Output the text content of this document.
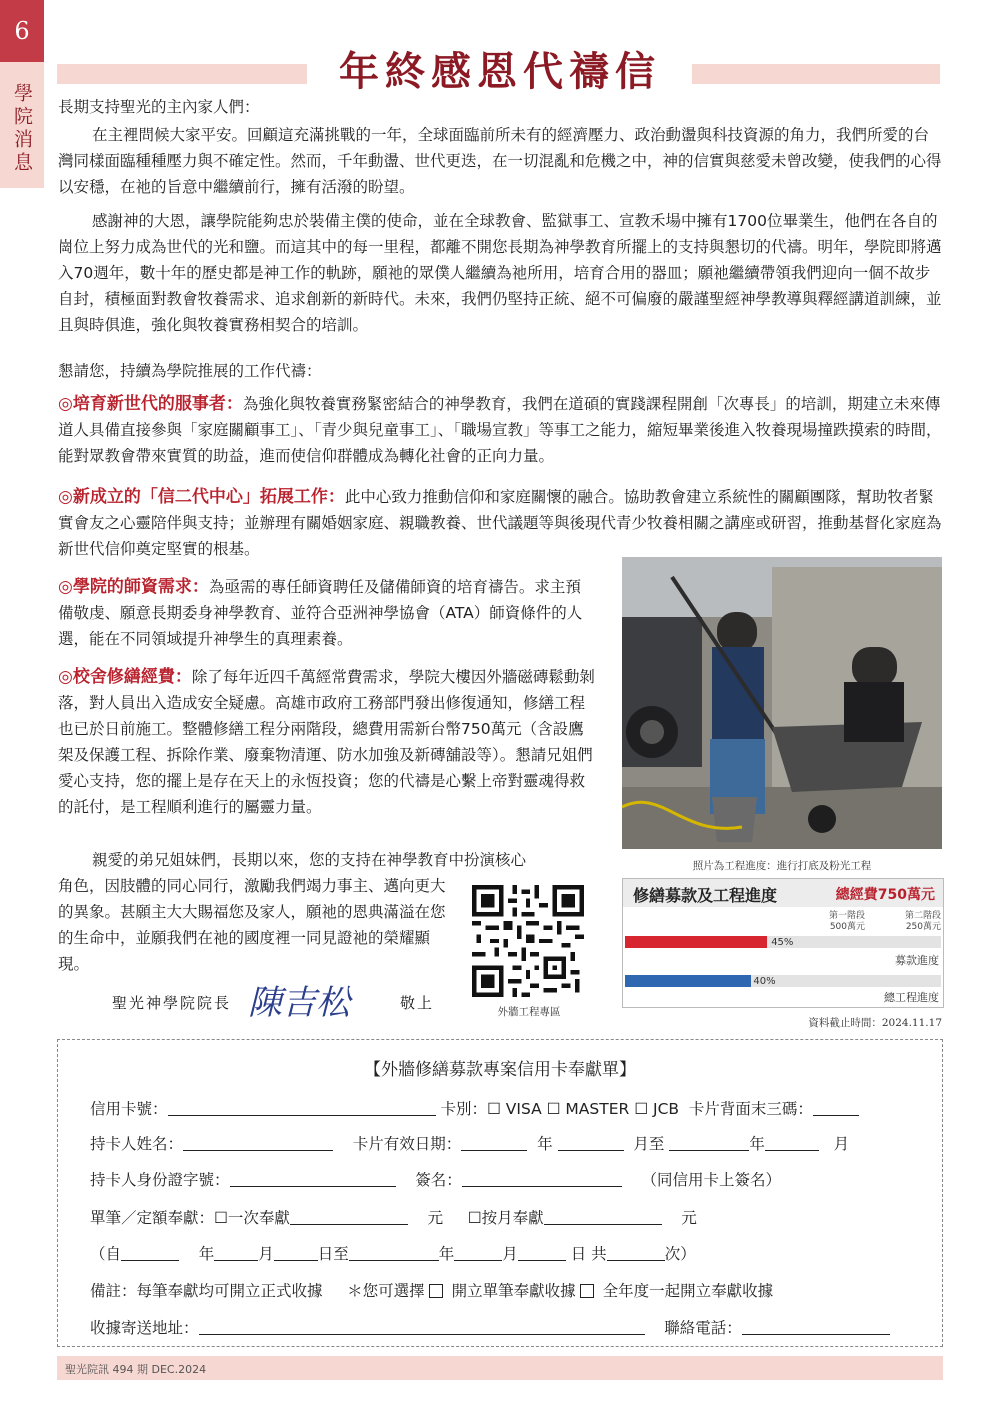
6
學院消息
年終感恩代禱信
長期支持聖光的主內家人們：
在主裡問候大家平安。回顧這充滿挑戰的一年，全球面臨前所未有的經濟壓力、政治動盪與科技資源的角力，我們所愛的台灣同樣面臨種種壓力與不確定性。然而，千年動盪、世代更迭，在一切混亂和危機之中，神的信實與慈愛未曾改變，使我們的心得以安穩，在祂的旨意中繼續前行，擁有活潑的盼望。
感謝神的大恩，讓學院能夠忠於裝備主僕的使命，並在全球教會、監獄事工、宣教禾場中擁有1700位畢業生，他們在各自的崗位上努力成為世代的光和鹽。而這其中的每一里程，都離不開您長期為神學教育所擺上的支持與懇切的代禱。明年，學院即將邁入70週年，數十年的歷史都是神工作的軌跡，願祂的眾僕人繼續為祂所用，培育合用的器皿；願祂繼續帶領我們迎向一個不故步自封，積極面對教會牧養需求、追求創新的新時代。未來，我們仍堅持正統、絕不可偏廢的嚴謹聖經神學教導與釋經講道訓練，並且與時俱進，強化與牧養實務相契合的培訓。
懇請您，持續為學院推展的工作代禱：
◎培育新世代的服事者：為強化與牧養實務緊密結合的神學教育，我們在道碩的實踐課程開創「次專長」的培訓，期建立未來傳道人具備直接參與「家庭關顧事工」、「青少與兒童事工」、「職場宣教」等事工之能力，縮短畢業後進入牧養現場撞跌摸索的時間，能對眾教會帶來實質的助益，進而使信仰群體成為轉化社會的正向力量。
◎新成立的「信二代中心」拓展工作：此中心致力推動信仰和家庭關懷的融合。協助教會建立系統性的關顧團隊，幫助牧者緊實會友之心靈陪伴與支持；並辦理有關婚姻家庭、親職教養、世代議題等與後現代青少牧養相關之講座或研習，推動基督化家庭為新世代信仰奠定堅實的根基。
◎學院的師資需求：為亟需的專任師資聘任及儲備師資的培育禱告。求主預備敬虔、願意長期委身神學教育、並符合亞洲神學協會（ATA）師資條件的人選，能在不同領域提升神學生的真理素養。
◎校舍修繕經費：除了每年近四千萬經常費需求，學院大樓因外牆磁磚鬆動剝落，對人員出入造成安全疑慮。高雄市政府工務部門發出修復通知，修繕工程也已於日前施工。整體修繕工程分兩階段，總費用需新台幣750萬元（含設鷹架及保護工程、拆除作業、廢棄物清運、防水加強及新磚舖設等）。懇請兄姐們愛心支持，您的擺上是存在天上的永恆投資；您的代禱是心繫上帝對靈魂得救的託付，是工程順利進行的屬靈力量。
親愛的弟兄姐妹們，長期以來，您的支持在神學教育中扮演核心
角色，因肢體的同心同行，激勵我們竭力事主、邁向更大的異象。甚願主大大賜福您及家人，願祂的恩典滿溢在您的生命中，並願我們在祂的國度裡一同見證祂的榮耀顯現。
聖光神學院院長 陳吉松	敬上	外牆工程專區
照片為工程進度：進行打底及粉光工程
修繕募款及工程進度	總經費750萬元
第一階段
500萬元
第二階段
250萬元
45%
募款進度
40%
總工程進度
資料截止時間：2024.11.17
【外牆修繕募款專案信用卡奉獻單】
信用卡號：	卡別：☐ VISA ☐ MASTER ☐ JCB 卡片背面末三碼：
持卡人姓名：	卡片有效日期：	年	月至	年	月
持卡人身份證字號：	簽名：	（同信用卡上簽名）
單筆／定額奉獻：☐一次奉獻	元 ☐按月奉獻	元
（自	年	月	日至	年	月	日 共	次）
備註：每筆奉獻均可開立正式收據 ＊您可選擇 開立單筆奉獻收據 全年度一起開立奉獻收據
收據寄送地址：	聯絡電話：
聖光院訊 494 期 DEC.2024
